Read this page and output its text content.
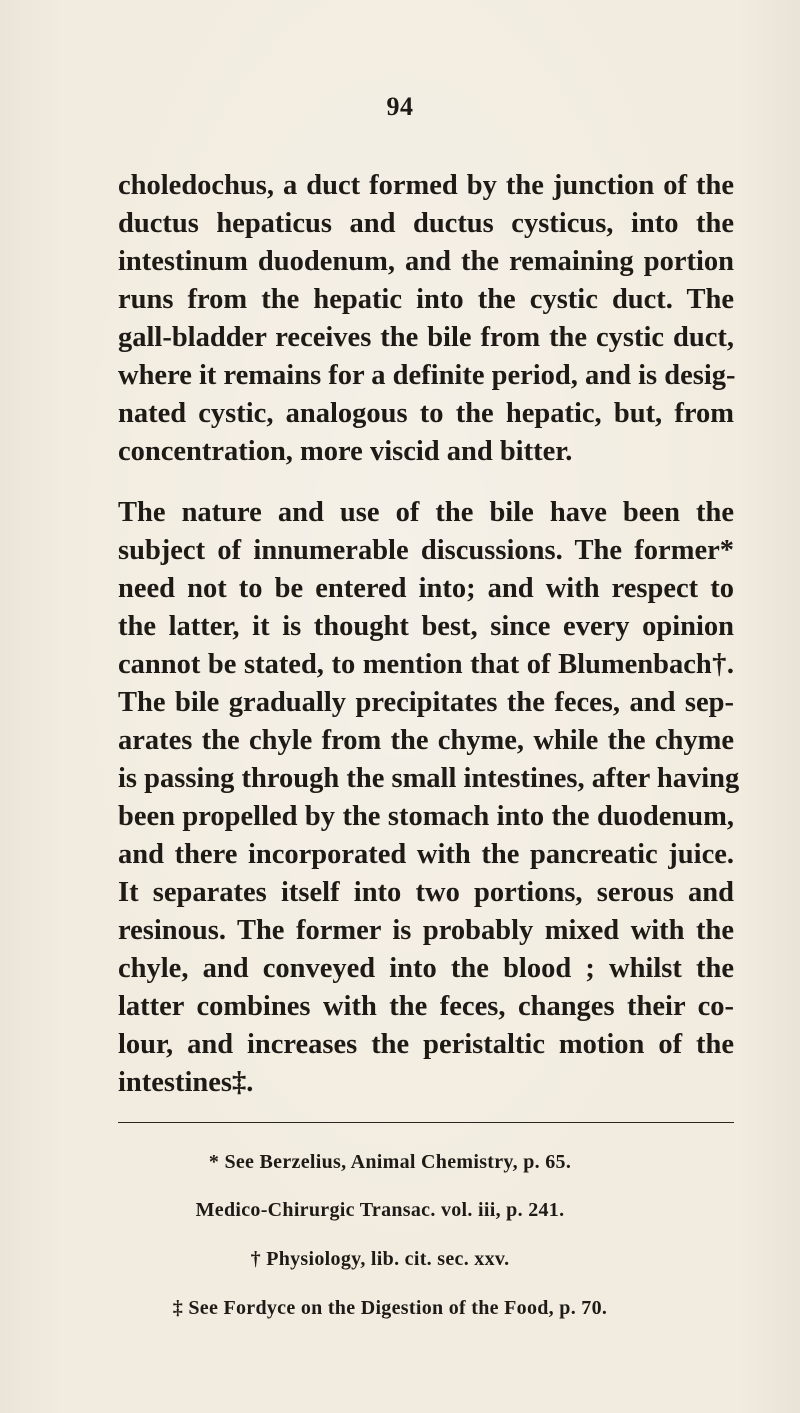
94
choledochus, a duct formed by the junction of the
ductus hepaticus and ductus cysticus, into the
intestinum duodenum, and the remaining portion
runs from the hepatic into the cystic duct. The
gall-bladder receives the bile from the cystic duct,
where it remains for a definite period, and is desig-
nated cystic, analogous to the hepatic, but, from
concentration, more viscid and bitter.
The nature and use of the bile have been the
subject of innumerable discussions. The former*
need not to be entered into; and with respect to
the latter, it is thought best, since every opinion
cannot be stated, to mention that of Blumenbach†.
The bile gradually precipitates the feces, and sep-
arates the chyle from the chyme, while the chyme
is passing through the small intestines, after having
been propelled by the stomach into the duodenum,
and there incorporated with the pancreatic juice.
It separates itself into two portions, serous and
resinous. The former is probably mixed with the
chyle, and conveyed into the blood ; whilst the
latter combines with the feces, changes their co-
lour, and increases the peristaltic motion of the
intestines‡.
* See Berzelius, Animal Chemistry, p. 65.
Medico-Chirurgic Transac. vol. iii, p. 241.
† Physiology, lib. cit. sec. xxv.
‡ See Fordyce on the Digestion of the Food, p. 70.
